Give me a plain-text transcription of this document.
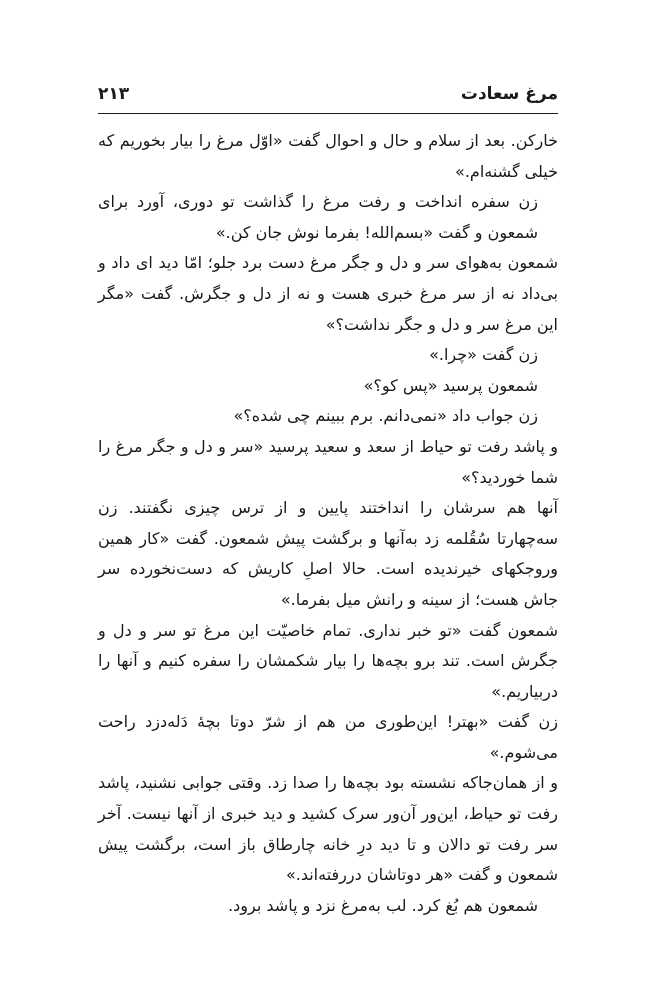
مرغ سعادت
۲۱۳

خارکن. بعد از سلام و حال و احوال گفت «اوّل مرغ را بیار بخوریم که خیلی گشنه‌ام.»

زن سفره انداخت و رفت مرغ را گذاشت تو دوری، آورد برای شمعون و گفت «بسم‌الله! بفرما نوش جان کن.»

شمعون به‌هوای سر و دل و جگر مرغ دست برد جلو؛ امّا دید ای داد و بی‌داد نه از سر مرغ خبری هست و نه از دل و جگرش. گفت «مگر این مرغ سر و دل و جگر نداشت؟»

زن گفت «چرا.»

شمعون پرسید «پس کو؟»

زن جواب داد «نمی‌دانم. برم ببینم چی شده؟»

و پاشد رفت تو حیاط از سعد و سعید پرسید «سر و دل و جگر مرغ را شما خوردید؟»

آنها هم سرشان را انداختند پایین و از ترس چیزی نگفتند. زن سه‌چهارتا سُقُلمه زد به‌آنها و برگشت پیش شمعون. گفت «کار همین وروجکهای خیرندیده است. حالا اصلِ کاریش که دست‌نخورده سر جاش هست؛ از سینه و رانش میل بفرما.»

شمعون گفت «تو خبر نداری. تمام خاصیّت این مرغ تو سر و دل و جگرش است. تند برو بچه‌ها را بیار شکمشان را سفره کنیم و آنها را دربیاریم.»

زن گفت «بهتر! این‌طوری من هم از شرّ دوتا بچهٔ دَله‌دزد راحت می‌شوم.»

و از همان‌جاکه نشسته بود بچه‌ها را صدا زد. وقتی جوابی نشنید، پاشد رفت تو حیاط، این‌ور آن‌ور سرک کشید و دید خبری از آنها نیست. آخر سر رفت تو دالان و تا دید درِ خانه چارطاق باز است، برگشت پیش شمعون و گفت «هر دوتاشان دررفته‌اند.»

شمعون هم بُغ کرد. لب به‌مرغ نزد و پاشد برود.
